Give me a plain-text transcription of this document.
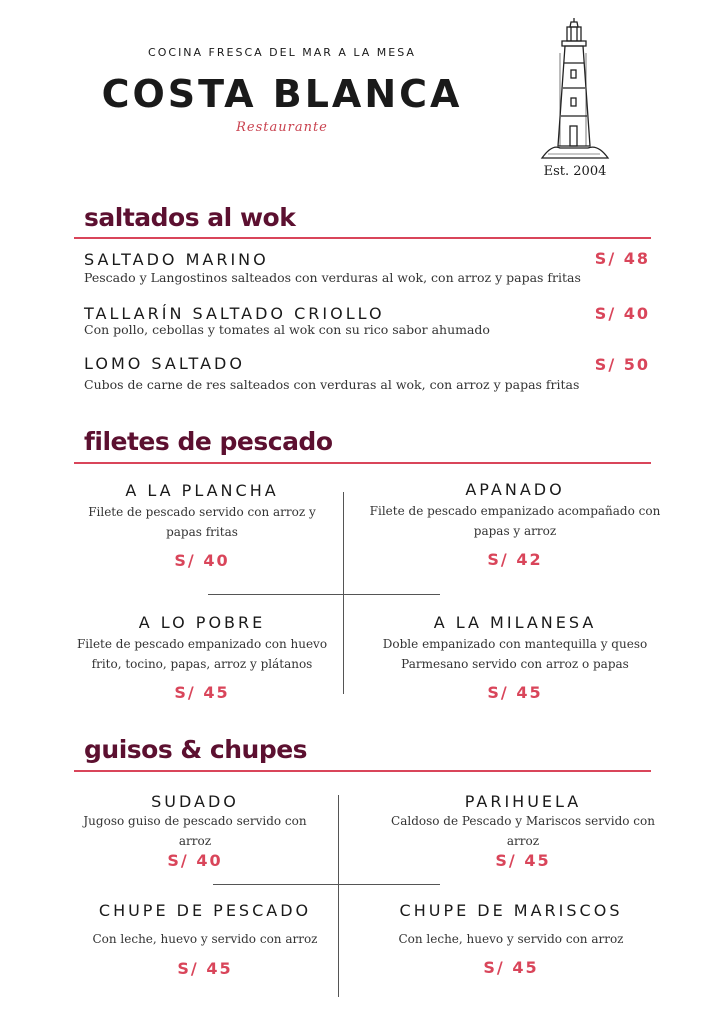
COCINA FRESCA DEL MAR A LA MESA
COSTA BLANCA
Restaurante
Est. 2004
saltados al wok
SALTADO MARINO
Pescado y Langostinos salteados con verduras al wok, con arroz y papas fritas
S/ 48
TALLARÍN SALTADO CRIOLLO
Con pollo, cebollas y tomates al wok con su rico sabor ahumado
S/ 40
LOMO SALTADO
Cubos de carne de res salteados con verduras al wok, con arroz y papas fritas
S/ 50
filetes de pescado
A LA PLANCHA
Filete de pescado servido con arroz y
papas fritas
S/ 40
APANADO
Filete de pescado empanizado acompañado con
papas y arroz
S/ 42
A LO POBRE
Filete de pescado empanizado con huevo
frito, tocino, papas, arroz y plátanos
S/ 45
A LA MILANESA
Doble empanizado con mantequilla y queso
Parmesano servido con arroz o papas
S/ 45
guisos & chupes
SUDADO
Jugoso guiso de pescado servido con
arroz
S/ 40
PARIHUELA
Caldoso de Pescado y Mariscos servido con
arroz
S/ 45
CHUPE DE PESCADO
Con leche, huevo y servido con arroz
S/ 45
CHUPE DE MARISCOS
Con leche, huevo y servido con arroz
S/ 45
